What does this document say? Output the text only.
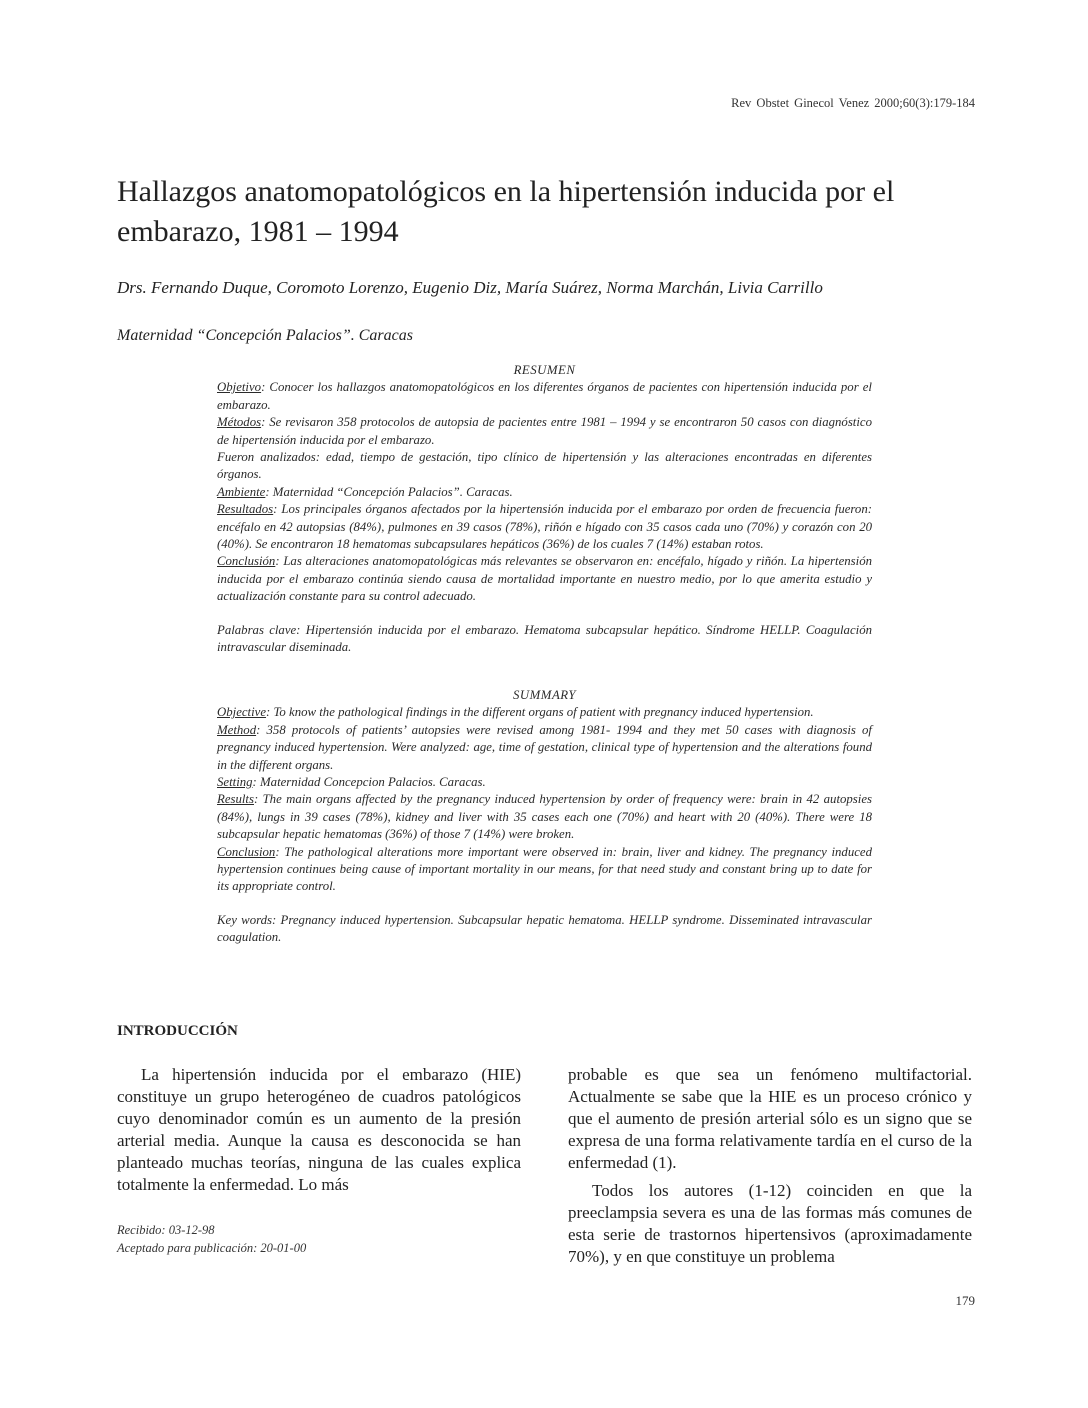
Rev Obstet Ginecol Venez 2000;60(3):179-184
Hallazgos anatomopatológicos en la hipertensión inducida por el embarazo, 1981 – 1994
Drs. Fernando Duque, Coromoto Lorenzo, Eugenio Diz, María Suárez, Norma Marchán, Livia Carrillo
Maternidad “Concepción Palacios”. Caracas

RESUMEN

Objetivo: Conocer los hallazgos anatomopatológicos en los diferentes órganos de pacientes con hipertensión inducida por el embarazo.

Métodos: Se revisaron 358 protocolos de autopsia de pacientes entre 1981 – 1994 y se encontraron 50 casos con diagnóstico de hipertensión inducida por el embarazo.

Fueron analizados: edad, tiempo de gestación, tipo clínico de hipertensión y las alteraciones encontradas en diferentes órganos.

Ambiente: Maternidad “Concepción Palacios”. Caracas.

Resultados: Los principales órganos afectados por la hipertensión inducida por el embarazo por orden de frecuencia fueron: encéfalo en 42 autopsias (84%), pulmones en 39 casos (78%), riñón e hígado con 35 casos cada uno (70%) y corazón con 20 (40%). Se encontraron 18 hematomas subcapsulares hepáticos (36%) de los cuales 7 (14%) estaban rotos.

Conclusión: Las alteraciones anatomopatológicas más relevantes se observaron en: encéfalo, hígado y riñón. La hipertensión inducida por el embarazo continúa siendo causa de mortalidad importante en nuestro medio, por lo que amerita estudio y actualización constante para su control adecuado.

Palabras clave: Hipertensión inducida por el embarazo. Hematoma subcapsular hepático. Síndrome HELLP. Coagulación intravascular diseminada.

SUMMARY

Objective: To know the pathological findings in the different organs of patient with pregnancy induced hypertension.

Method: 358 protocols of patients’ autopsies were revised among 1981- 1994 and they met 50 cases with diagnosis of pregnancy induced hypertension. Were analyzed: age, time of gestation, clinical type of hypertension and the alterations found in the different organs.

Setting: Maternidad Concepcion Palacios. Caracas.

Results: The main organs affected by the pregnancy induced hypertension by order of frequency were: brain in 42 autopsies (84%), lungs in 39 cases (78%), kidney and liver with 35 cases each one (70%) and heart with 20 (40%). There were 18 subcapsular hepatic hematomas (36%) of those 7 (14%) were broken.

Conclusion: The pathological alterations more important were observed in: brain, liver and kidney. The pregnancy induced hypertension continues being cause of important mortality in our means, for that need study and constant bring up to date for its appropriate control.

Key words: Pregnancy induced hypertension. Subcapsular hepatic hematoma. HELLP syndrome. Disseminated intravascular coagulation.

INTRODUCCIÓN

La hipertensión inducida por el embarazo (HIE) constituye un grupo heterogéneo de cuadros patológicos cuyo denominador común es un aumento de la presión arterial media. Aunque la causa es desconocida se han planteado muchas teorías, ninguna de las cuales explica totalmente la enfermedad. Lo más

probable es que sea un fenómeno multifactorial. Actualmente se sabe que la HIE es un proceso crónico y que el aumento de presión arterial sólo es un signo que se expresa de una forma relativamente tardía en el curso de la enfermedad (1).

Todos los autores (1-12) coinciden en que la preeclampsia severa es una de las formas más comunes de esta serie de trastornos hipertensivos (aproximadamente 70%), y en que constituye un problema

Recibido: 03-12-98
Aceptado para publicación: 20-01-00
179
